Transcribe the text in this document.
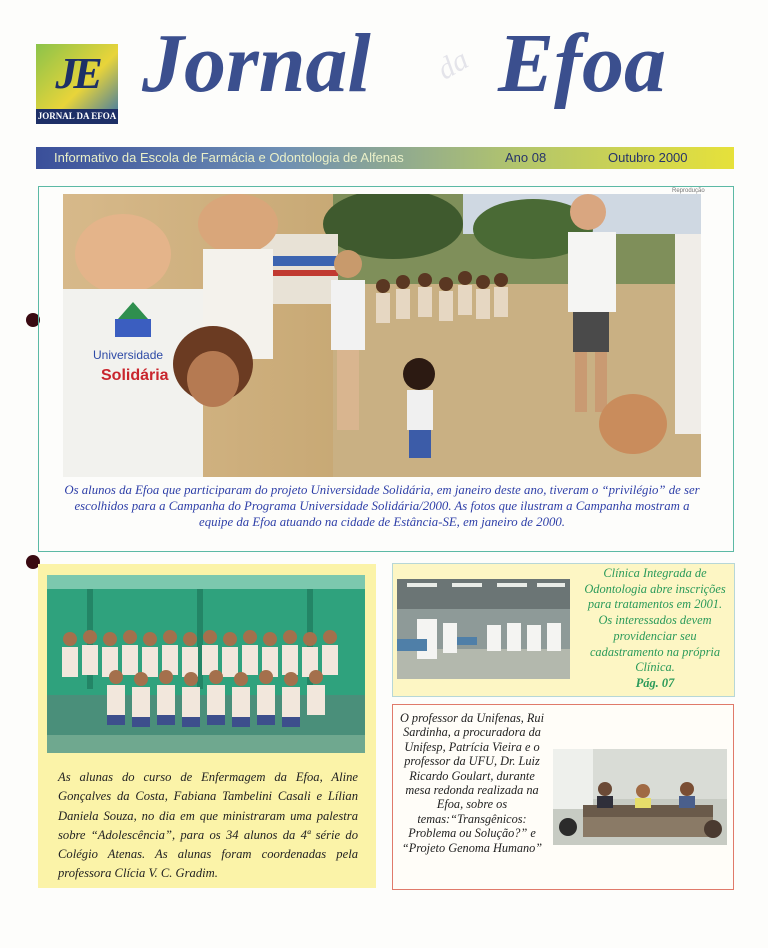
JE
JORNAL DA EFOA
Jornal da Efoa
Informativo da Escola de Farmácia e Odontologia de Alfenas	Ano 08	Outubro 2000
Reprodução
Universidade
Solidária
Os alunos da Efoa que participaram do projeto Universidade Solidária, em janeiro deste ano, tiveram o “privilégio” de ser escolhidos para a Campanha do Programa Universidade Solidária/2000. As fotos que ilustram a Campanha mostram a equipe da Efoa atuando na cidade de Estância-SE, em janeiro de 2000.
As alunas do curso de Enfermagem da Efoa, Aline Gonçalves da Costa, Fabiana Tambelini Casali e Lílian Daniela Souza, no dia em que ministraram uma palestra sobre “Adolescência”, para os 34 alunos da 4ª série do Colégio Atenas. As alunas foram coordenadas pela professora Clícia V. C. Gradim.
Clínica Integrada de Odontologia abre inscrições para tratamentos em 2001. Os interessados devem providenciar seu cadastramento na própria Clínica.
Pág. 07
O professor da Unifenas, Rui Sardinha, a procuradora da Unifesp, Patrícia Vieira e o professor da UFU, Dr. Luiz Ricardo Goulart, durante mesa redonda realizada na Efoa, sobre os temas:“Transgênicos: Problema ou Solução?” e “Projeto Genoma Humano”
